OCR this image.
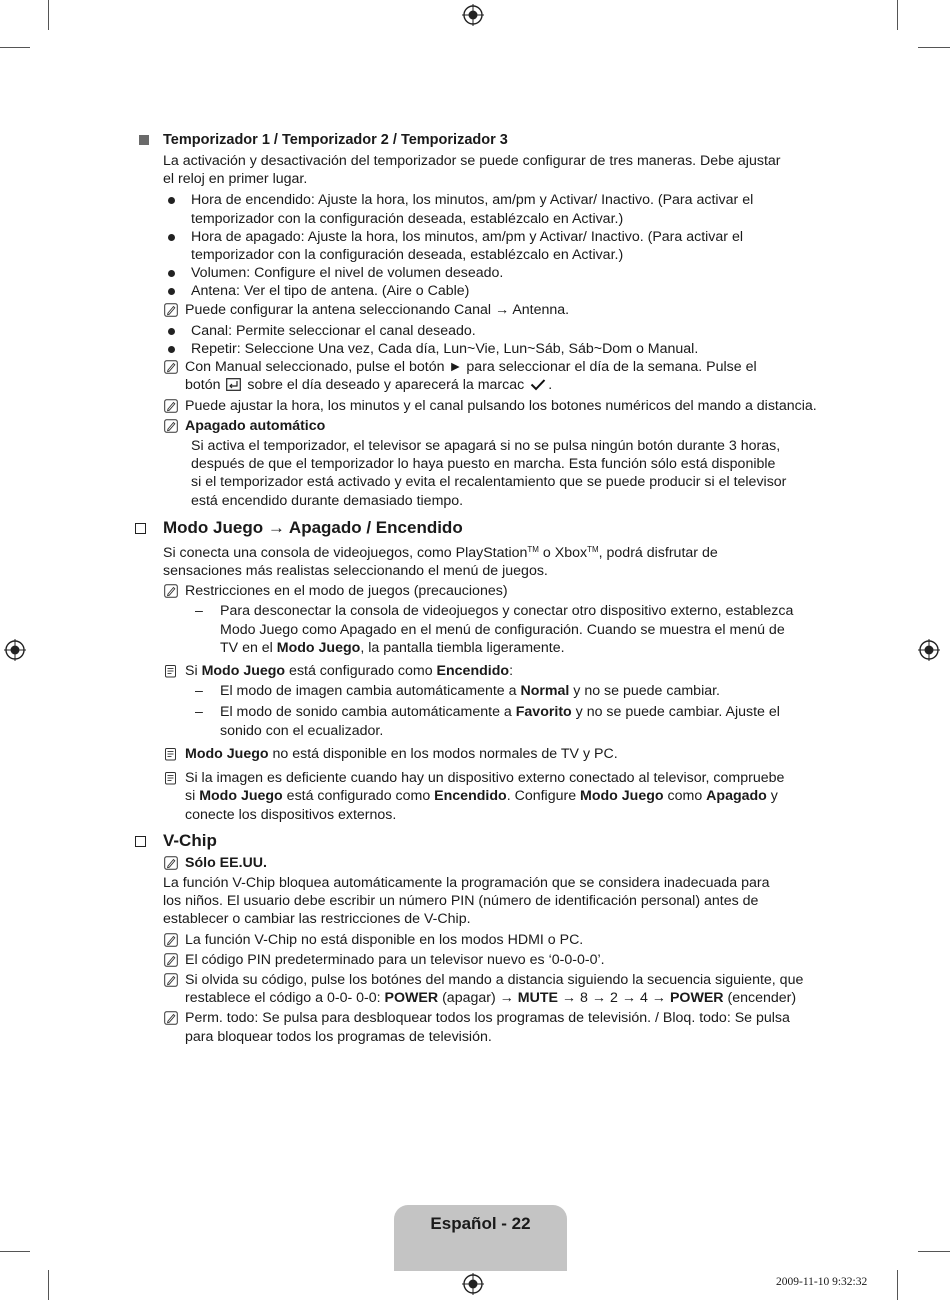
Temporizador 1 / Temporizador 2 / Temporizador 3
La activación y desactivación del temporizador se puede configurar de tres maneras. Debe ajustar
el reloj en primer lugar.
Hora de encendido: Ajuste la hora, los minutos, am/pm y Activar/ Inactivo. (Para activar el
temporizador con la configuración deseada, establézcalo en Activar.)
Hora de apagado: Ajuste la hora, los minutos, am/pm y Activar/ Inactivo. (Para activar el
temporizador con la configuración deseada, establézcalo en Activar.)
Volumen: Configure el nivel de volumen deseado.
Antena: Ver el tipo de antena. (Aire o Cable)
Puede configurar la antena seleccionando Canal → Antenna.
Canal: Permite seleccionar el canal deseado.
Repetir: Seleccione Una vez, Cada día, Lun~Vie, Lun~Sáb, Sáb~Dom o Manual.
Con Manual seleccionado, pulse el botón ► para seleccionar el día de la semana. Pulse el
botón sobre el día deseado y aparecerá la marcac .
Puede ajustar la hora, los minutos y el canal pulsando los botones numéricos del mando a distancia.
Apagado automático
Si activa el temporizador, el televisor se apagará si no se pulsa ningún botón durante 3 horas,
después de que el temporizador lo haya puesto en marcha. Esta función sólo está disponible
si el temporizador está activado y evita el recalentamiento que se puede producir si el televisor
está encendido durante demasiado tiempo.
Modo Juego → Apagado / Encendido
Si conecta una consola de videojuegos, como PlayStation™ o Xbox™, podrá disfrutar de
sensaciones más realistas seleccionando el menú de juegos.
Restricciones en el modo de juegos (precauciones)
– Para desconectar la consola de videojuegos y conectar otro dispositivo externo, establezca
Modo Juego como Apagado en el menú de configuración. Cuando se muestra el menú de
TV en el Modo Juego, la pantalla tiembla ligeramente.
Si Modo Juego está configurado como Encendido:
– El modo de imagen cambia automáticamente a Normal y no se puede cambiar.
– El modo de sonido cambia automáticamente a Favorito y no se puede cambiar. Ajuste el
sonido con el ecualizador.
Modo Juego no está disponible en los modos normales de TV y PC.
Si la imagen es deficiente cuando hay un dispositivo externo conectado al televisor, compruebe
si Modo Juego está configurado como Encendido. Configure Modo Juego como Apagado y
conecte los dispositivos externos.
V-Chip
Sólo EE.UU.
La función V-Chip bloquea automáticamente la programación que se considera inadecuada para
los niños. El usuario debe escribir un número PIN (número de identificación personal) antes de
establecer o cambiar las restricciones de V-Chip.
La función V-Chip no está disponible en los modos HDMI o PC.
El código PIN predeterminado para un televisor nuevo es ‘0-0-0-0’.
Si olvida su código, pulse los botónes del mando a distancia siguiendo la secuencia siguiente, que
restablece el código a 0-0- 0-0: POWER (apagar) → MUTE → 8 → 2 → 4 → POWER (encender)
Perm. todo: Se pulsa para desbloquear todos los programas de televisión. / Bloq. todo: Se pulsa
para bloquear todos los programas de televisión.
Español - 22
2009-11-10 9:32:32
